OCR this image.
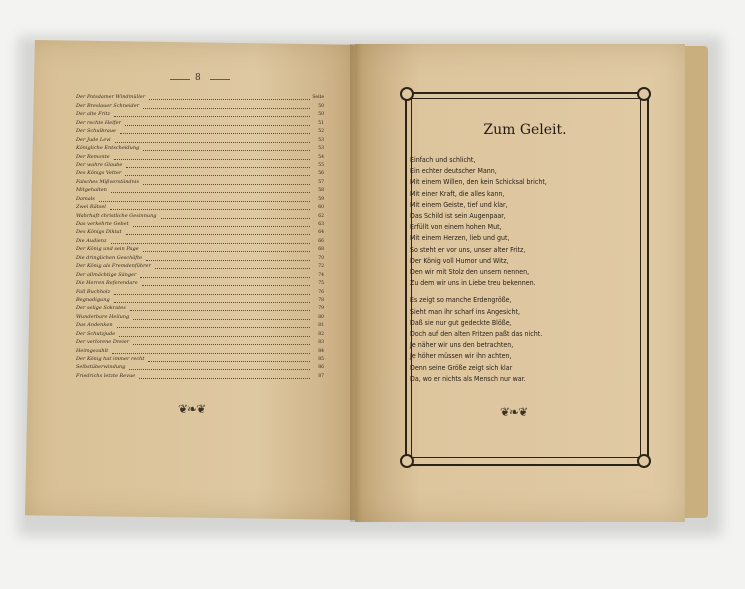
8
Der Potsdamer Windmüller	Seite
Der Breslauer Schneider	50
Der alte Fritz	50
Der rechte Helfer	51
Der Schulbraue	52
Der Jude Levi	53
Königliche Entscheidung	53
Der Remonte	54
Der wahre Glaube	55
Des Königs Vetter	56
Falsches Mißverständnis	57
Mitgehalten	58
Damals	59
Zwei Rätsel	60
Wahrhaft christliche Gesinnung	62
Das verkehrte Gebet	63
Des Königs Diktat	64
Die Audienz	66
Der König und sein Page	68
Die dringlichen Geschäfte	70
Der König als Fremdenführer	72
Der allmächtige Sänger	74
Die Herren Referendare	75
Fall Buchholz	76
Begnadigung	78
Der selige Sokrates	79
Wunderbare Heilung	80
Das Andenken	81
Der Schutzjude	82
Der verlorene Dreier	83
Heimgezahlt	84
Der König hat immer recht	85
Selbstüberwindung	86
Friedrichs letzte Revue	87
❦❧❦
Zum Geleit.
Einfach und schlicht,
Ein echter deutscher Mann,
Mit einem Willen, den kein Schicksal bricht,
Mit einer Kraft, die alles kann,
Mit einem Geiste, tief und klar,
Das Schild ist sein Augenpaar,
Erfüllt von einem hohen Mut,
Mit einem Herzen, lieb und gut,
So steht er vor uns, unser alter Fritz,
Der König voll Humor und Witz,
Den wir mit Stolz den unsern nennen,
Zu dem wir uns in Liebe treu bekennen.
Es zeigt so manche Erdengröße,
Sieht man ihr scharf ins Angesicht,
Daß sie nur gut gedeckte Blöße,
Doch auf den alten Fritzen paßt das nicht.
Je näher wir uns den betrachten,
Je höher müssen wir ihn achten,
Denn seine Größe zeigt sich klar
Da, wo er nichts als Mensch nur war.
❦❧❦
